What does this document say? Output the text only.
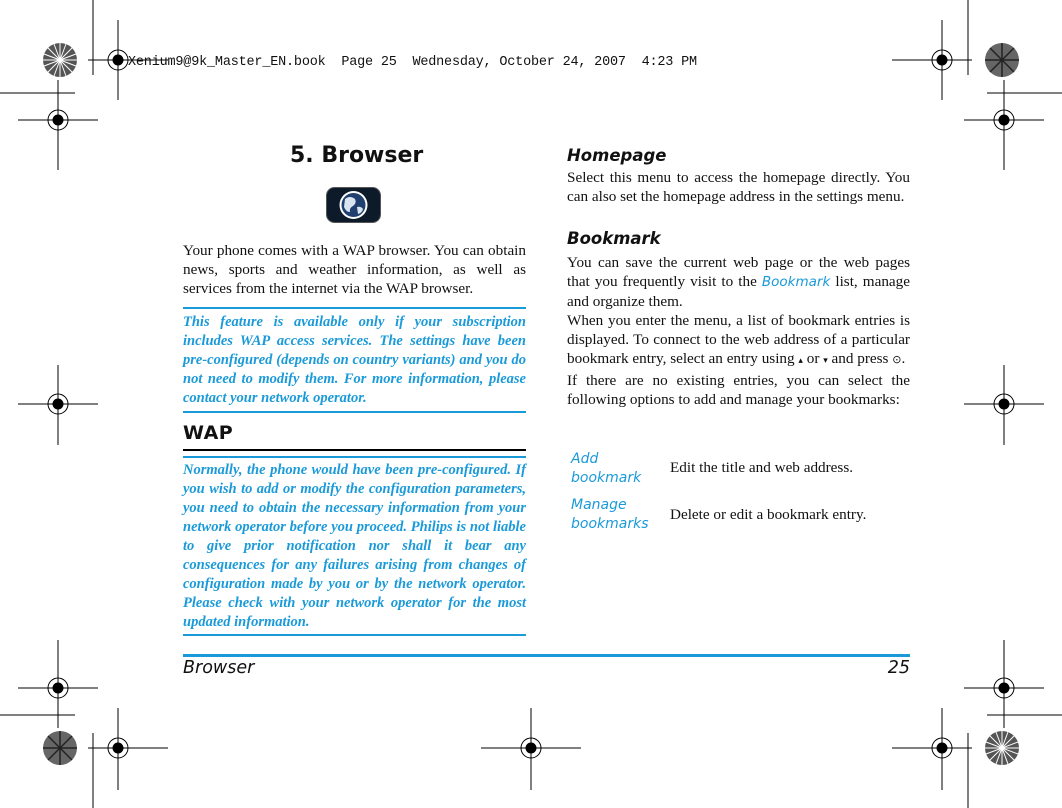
Xenium9@9k_Master_EN.book  Page 25  Wednesday, October 24, 2007  4:23 PM
5. Browser
Your phone comes with a WAP browser. You can obtain news, sports and weather information, as well as services from the internet via the WAP browser.
This feature is available only if your subscription includes WAP access services. The settings have been pre-configured (depends on country variants) and you do not need to modify them. For more information, please contact your network operator.
WAP
Normally, the phone would have been pre-configured. If you wish to add or modify the configuration parameters, you need to obtain the necessary information from your network operator before you proceed. Philips is not liable to give prior notification nor shall it bear any consequences for any failures arising from changes of configuration made by you or by the network operator. Please check with your network operator for the most updated information.
Homepage
Select this menu to access the homepage directly. You can also set the homepage address in the settings menu.
Bookmark
You can save the current web page or the web pages that you frequently visit to the Bookmark list, manage and organize them.
When you enter the menu, a list of bookmark entries is displayed. To connect to the web address of a particular bookmark entry, select an entry using ▴ or ▾ and press ⊙.
If there are no existing entries, you can select the following options to add and manage your bookmarks:
Add
bookmark
Edit the title and web address.
Manage
bookmarks
Delete or edit a bookmark entry.
Browser	25
